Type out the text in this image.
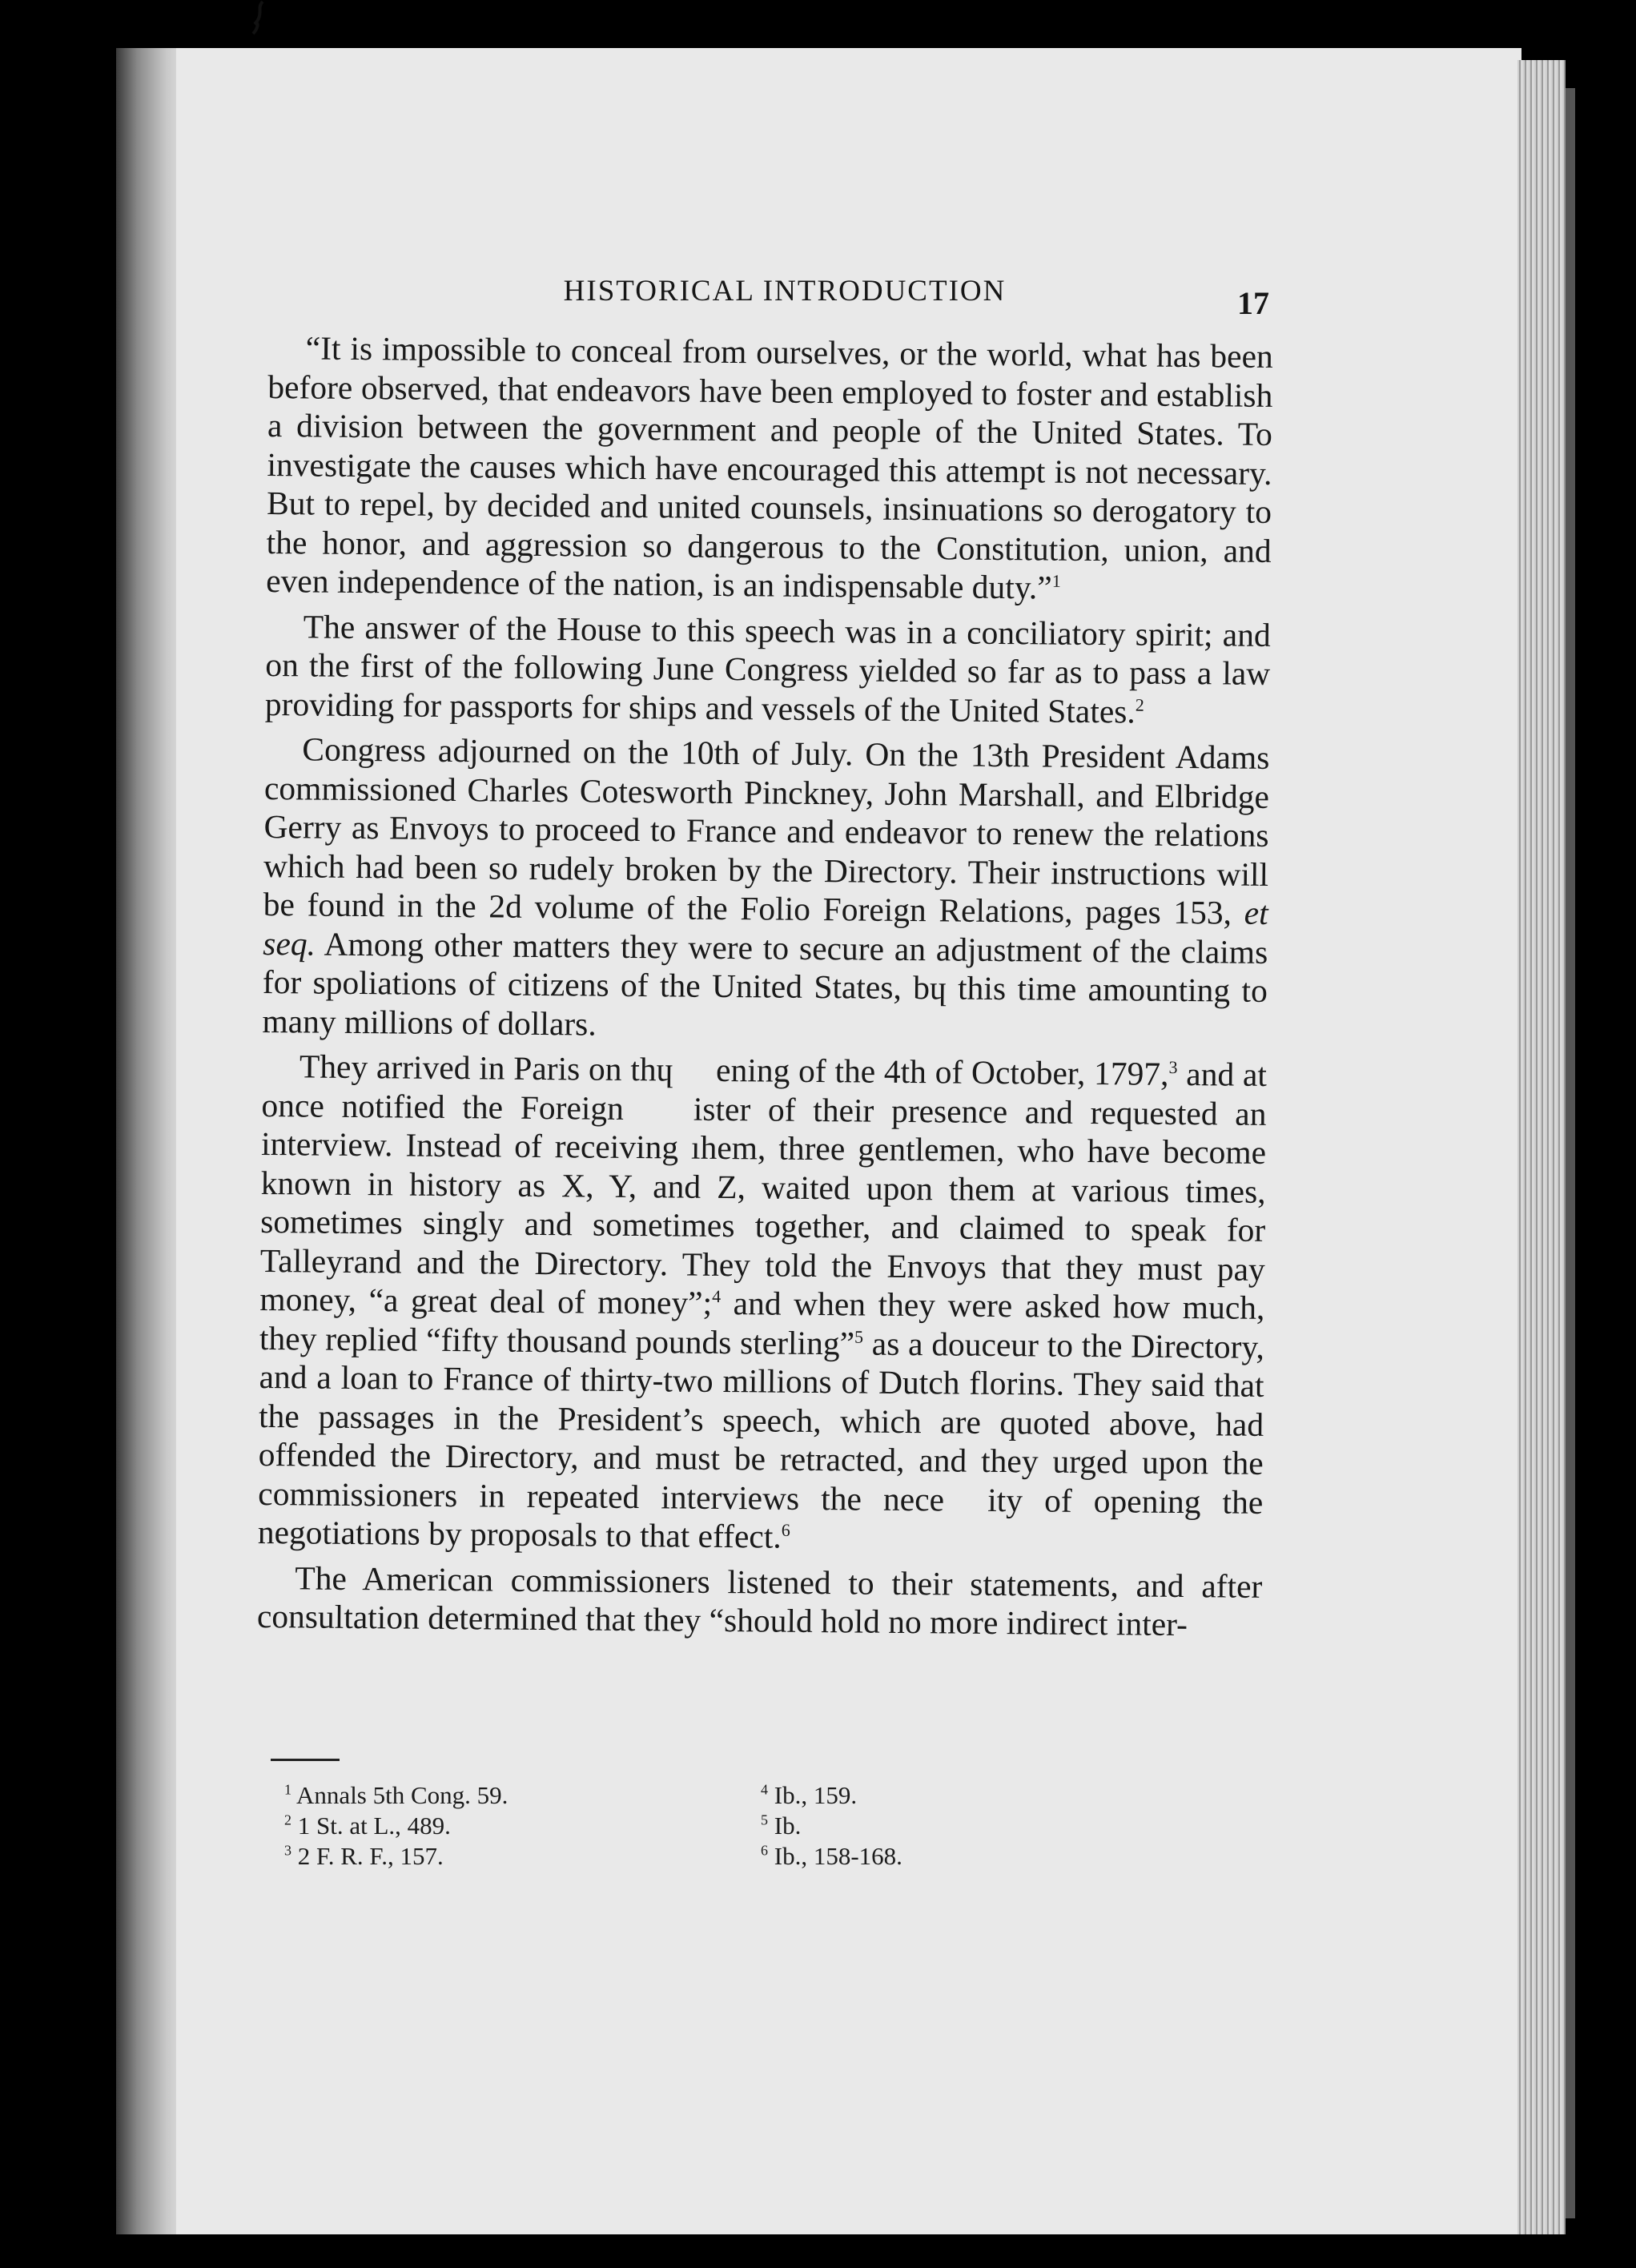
HISTORICAL INTRODUCTION	17

“It is impossible to conceal from ourselves, or the world, what has been before observed, that endeavors have been employed to foster and establish a division between the government and people of the United States. To investigate the causes which have encouraged this attempt is not necessary. But to repel, by decided and united counsels, insinuations so derogatory to the honor, and aggression so dangerous to the Constitution, union, and even independence of the nation, is an indispensable duty.”$^1$

The answer of the House to this speech was in a conciliatory spirit; and on the first of the following June Congress yielded so far as to pass a law providing for passports for ships and vessels of the United States.$^2$

Congress adjourned on the 10th of July. On the 13th President Adams commissioned Charles Cotesworth Pinckney, John Marshall, and Elbridge Gerry as Envoys to proceed to France and endeavor to renew the relations which had been so rudely broken by the Directory. Their instructions will be found in the 2d volume of the Folio Foreign Relations, pages 153, et seq. Among other matters they were to secure an adjustment of the claims for spoliations of citizens of the United States, bɥ this time amounting to many millions of dollars.

They arrived in Paris on thɥ     ening of the 4th of October, 1797,$^3$ and at once notified the Foreign    ister of their presence and requested an interview. Instead of receiving ıhem, three gentlemen, who have become known in history as X, Y, and Z, waited upon them at various times, sometimes singly and sometimes together, and claimed to speak for Talleyrand and the Directory. They told the Envoys that they must pay money, “a great deal of money”;$^4$ and when they were asked how much, they replied “fifty thousand pounds sterling”$^5$ as a douceur to the Directory, and a loan to France of thirty-two millions of Dutch florins. They said that the passages in the President’s speech, which are quoted above, had offended the Directory, and must be retracted, and they urged upon the commissioners in repeated interviews the nece  ity of opening the negotiations by proposals to that effect.$^6$

The American commissioners listened to their statements, and after consultation determined that they “should hold no more indirect inter-

$^1$ Annals 5th Cong. 59.
$^2$ 1 St. at L., 489.
$^3$ 2 F. R. F., 157.
$^4$ Ib., 159.
$^5$ Ib.
$^6$ Ib., 158-168.
